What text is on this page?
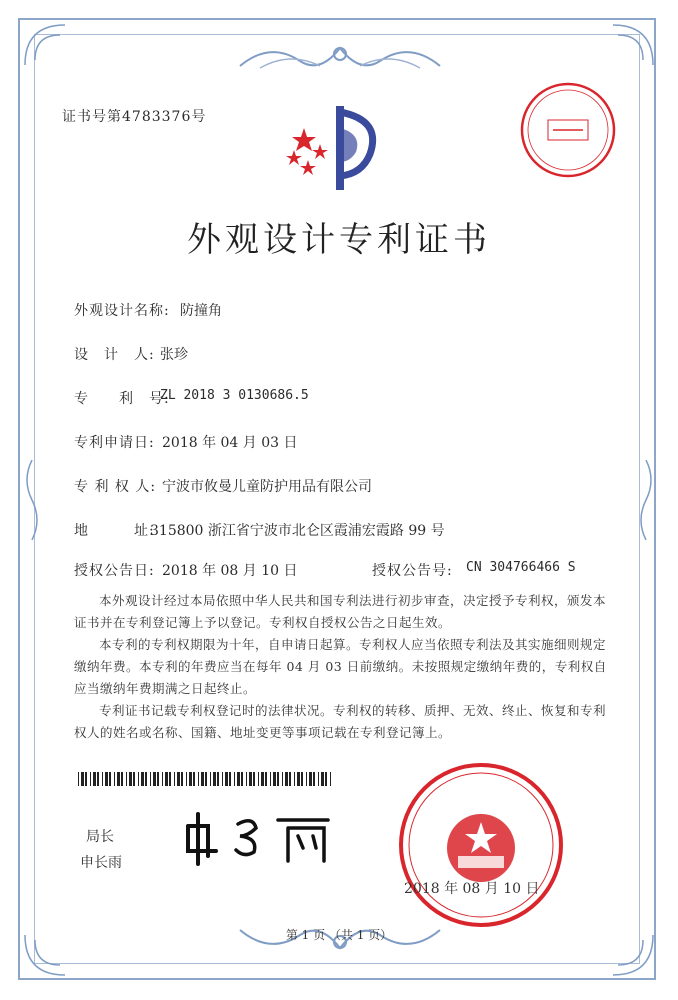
证书号第4783376号
外观设计专利证书
外观设计名称: 防撞角
设　计　人: 张珍
专　　利　号:
ZL 2018 3 0130686.5
专利申请日: 2018 年 04 月 03 日
专 利 权 人: 宁波市攸曼儿童防护用品有限公司
地　　　址:
315800 浙江省宁波市北仑区霞浦宏霞路 99 号
授权公告日: 2018 年 08 月 10 日	授权公告号: CN 304766466 S
本外观设计经过本局依照中华人民共和国专利法进行初步审查，决定授予专利权，颁发本证书并在专利登记簿上予以登记。专利权自授权公告之日起生效。
本专利的专利权期限为十年，自申请日起算。专利权人应当依照专利法及其实施细则规定缴纳年费。本专利的年费应当在每年 04 月 03 日前缴纳。未按照规定缴纳年费的，专利权自应当缴纳年费期满之日起终止。
专利证书记载专利权登记时的法律状况。专利权的转移、质押、无效、终止、恢复和专利权人的姓名或名称、国籍、地址变更等事项记载在专利登记簿上。
局长
申长雨
2018 年 08 月 10 日
第 1 页 （共 1 页）
